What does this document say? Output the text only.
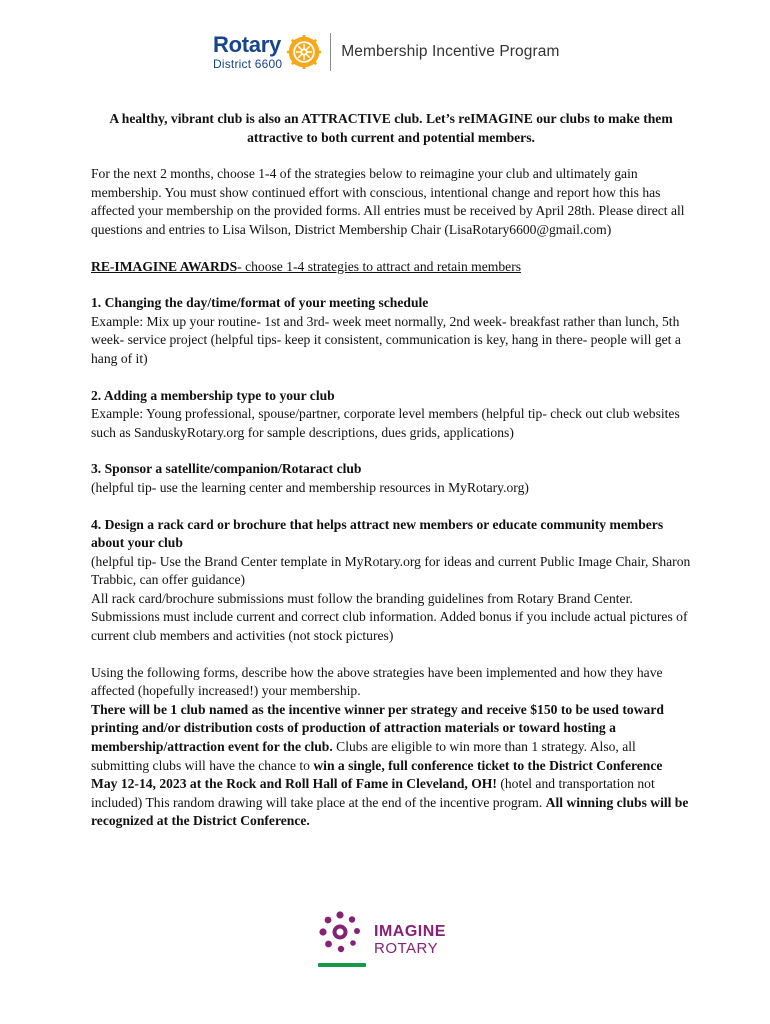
Rotary
District 6600
Membership Incentive Program

A healthy, vibrant club is also an ATTRACTIVE club. Let’s reIMAGINE our clubs to make them attractive to both current and potential members.

For the next 2 months, choose 1-4 of the strategies below to reimagine your club and ultimately gain membership. You must show continued effort with conscious, intentional change and report how this has affected your membership on the provided forms. All entries must be received by April 28th. Please direct all questions and entries to Lisa Wilson, District Membership Chair (LisaRotary6600@gmail.com)

RE-IMAGINE AWARDS- choose 1-4 strategies to attract and retain members

1. Changing the day/time/format of your meeting schedule

Example: Mix up your routine- 1st and 3rd- week meet normally, 2nd week- breakfast rather than lunch, 5th week- service project (helpful tips- keep it consistent, communication is key, hang in there- people will get a hang of it)

2. Adding a membership type to your club

Example: Young professional, spouse/partner, corporate level members (helpful tip- check out club websites such as SanduskyRotary.org for sample descriptions, dues grids, applications)

3. Sponsor a satellite/companion/Rotaract club

(helpful tip- use the learning center and membership resources in MyRotary.org)

4. Design a rack card or brochure that helps attract new members or educate community members about your club

(helpful tip- Use the Brand Center template in MyRotary.org for ideas and current Public Image Chair, Sharon Trabbic, can offer guidance)

All rack card/brochure submissions must follow the branding guidelines from Rotary Brand Center. Submissions must include current and correct club information. Added bonus if you include actual pictures of current club members and activities (not stock pictures)

Using the following forms, describe how the above strategies have been implemented and how they have affected (hopefully increased!) your membership.

There will be 1 club named as the incentive winner per strategy and receive $150 to be used toward printing and/or distribution costs of production of attraction materials or toward hosting a membership/attraction event for the club. Clubs are eligible to win more than 1 strategy. Also, all submitting clubs will have the chance to win a single, full conference ticket to the District Conference May 12-14, 2023 at the Rock and Roll Hall of Fame in Cleveland, OH! (hotel and transportation not included) This random drawing will take place at the end of the incentive program. All winning clubs will be recognized at the District Conference.

IMAGINE
ROTARY
